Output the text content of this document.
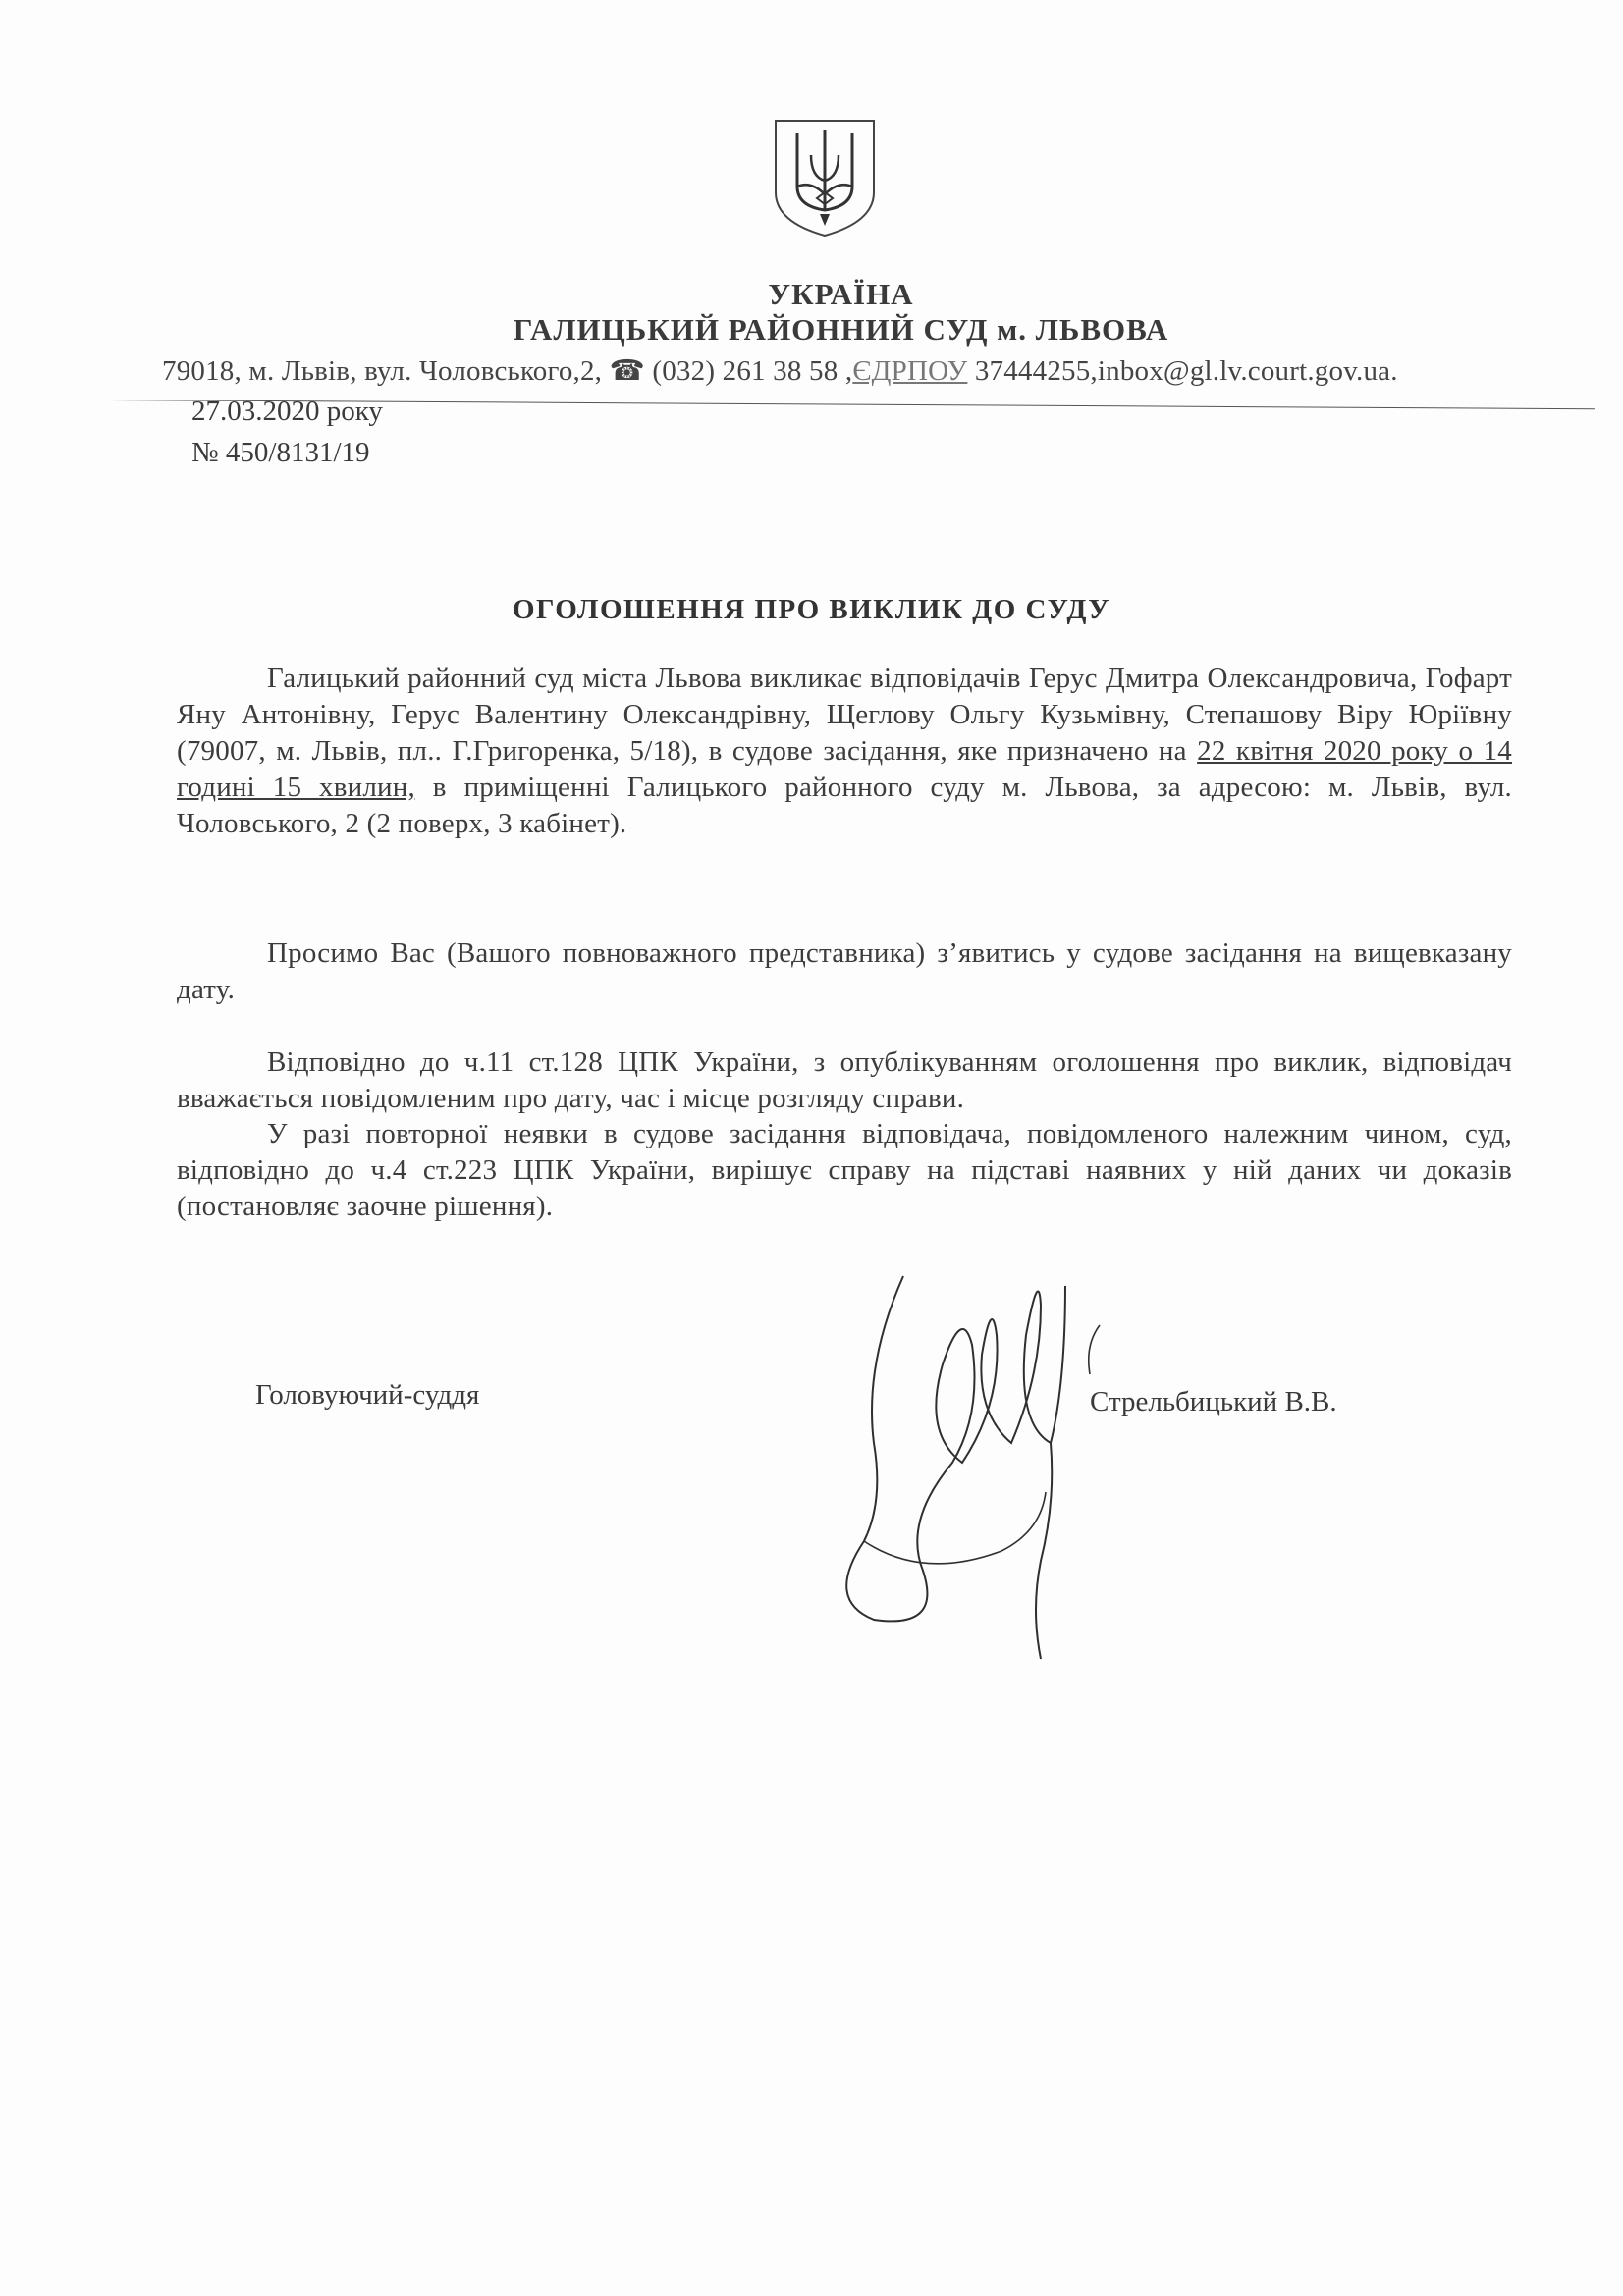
УКРАЇНА
ГАЛИЦЬКИЙ РАЙОННИЙ СУД м. ЛЬВОВА
79018, м. Львів, вул. Чоловського,2, ☎ (032) 261 38 58 ,ЄДРПОУ 37444255,inbox@gl.lv.court.gov.ua.
27.03.2020 року
№ 450/8131/19
ОГОЛОШЕННЯ ПРО ВИКЛИК ДО СУДУ

Галицький районний суд міста Львова викликає відповідачів Герус Дмитра Олександровича, Гофарт Яну Антонівну, Герус Валентину Олександрівну, Щеглову Ольгу Кузьмівну, Степашову Віру Юріївну (79007, м. Львів, пл.. Г.Григоренка, 5/18), в судове засідання, яке призначено на 22 квітня 2020 року о 14 годині 15 хвилин, в приміщенні Галицького районного суду м. Львова, за адресою: м. Львів, вул. Чоловського, 2 (2 поверх, 3 кабінет).

Просимо Вас (Вашого повноважного представника) з’явитись у судове засідання на вищевказану дату.

Відповідно до ч.11 ст.128 ЦПК України, з опублікуванням оголошення про виклик, відповідач вважається повідомленим про дату, час і місце розгляду справи.

У разі повторної неявки в судове засідання відповідача, повідомленого належним чином, суд, відповідно до ч.4 ст.223 ЦПК України, вирішує справу на підставі наявних у ній даних чи доказів (постановляє заочне рішення).

Головуючий-суддя	Стрельбицький В.В.
